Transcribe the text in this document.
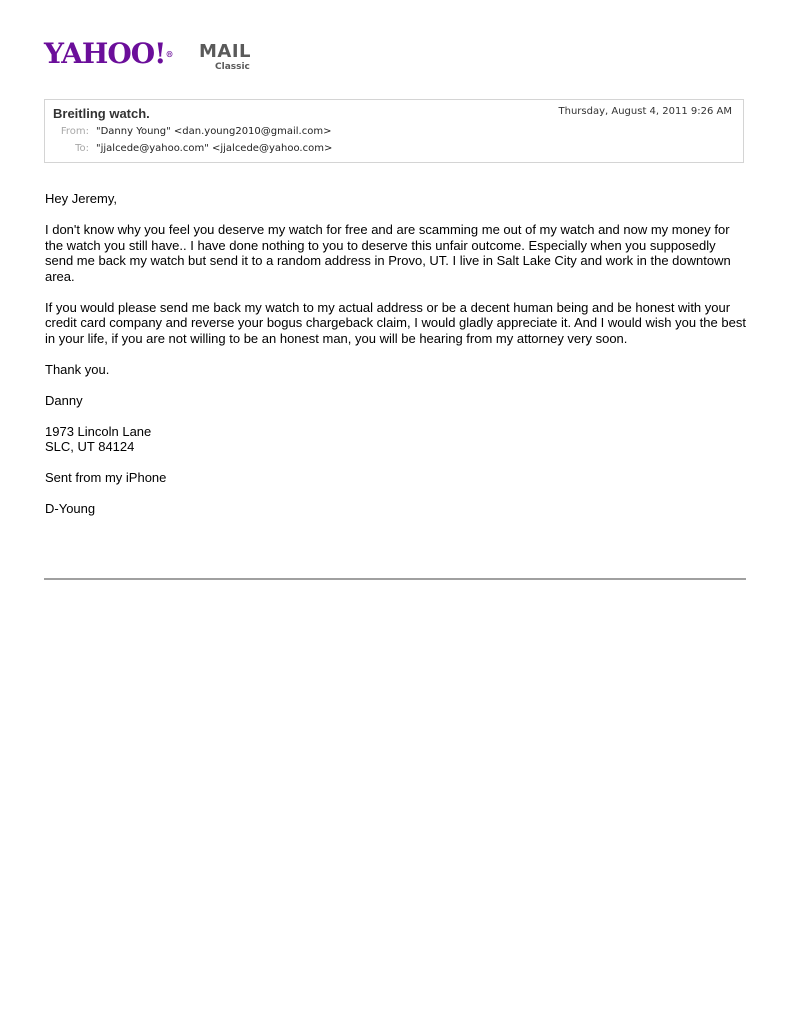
YAHOO!® MAIL
Classic
Breitling watch.	Thursday, August 4, 2011 9:26 AM
From: "Danny Young" <dan.young2010@gmail.com>
To: "jjalcede@yahoo.com" <jjalcede@yahoo.com>

Hey Jeremy,

I don't know why you feel you deserve my watch for free and are scamming me out of my watch and now my money for the watch you still have.. I have done nothing to you to deserve this unfair outcome. Especially when you supposedly send me back my watch but send it to a random address in Provo, UT. I live in Salt Lake City and work in the downtown area.

If you would please send me back my watch to my actual address or be a decent human being and be honest with your credit card company and reverse your bogus chargeback claim, I would gladly appreciate it. And I would wish you the best in your life, if you are not willing to be an honest man, you will be hearing from my attorney very soon.

Thank you.

Danny

1973 Lincoln Lane
SLC, UT 84124

Sent from my iPhone

D-Young
